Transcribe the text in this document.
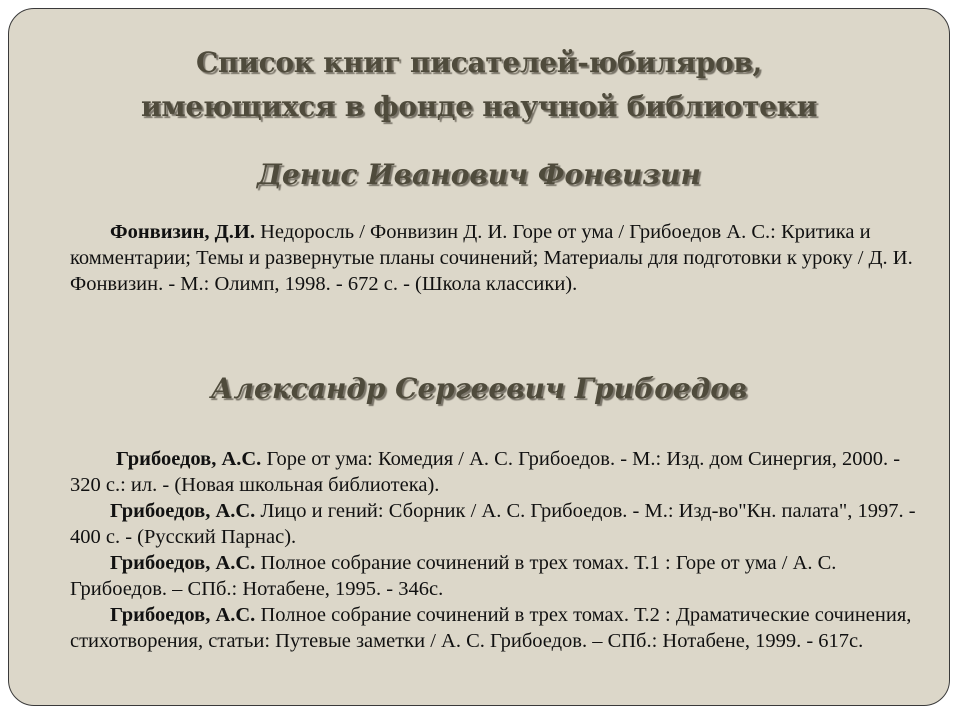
Список книг писателей-юбиляров,
имеющихся в фонде научной библиотеки
Денис Иванович Фонвизин

Фонвизин, Д.И. Недоросль / Фонвизин Д. И. Горе от ума / Грибоедов А. С.: Критика и комментарии; Темы и развернутые планы сочинений; Материалы для подготовки к уроку / Д. И. Фонвизин. - М.: Олимп, 1998. - 672 с. - (Школа классики).

Александр Сергеевич Грибоедов

Грибоедов, А.С. Горе от ума: Комедия / А. С. Грибоедов. - М.: Изд. дом Синергия, 2000. - 320 с.: ил. - (Новая школьная библиотека).

Грибоедов, А.С. Лицо и гений: Сборник / А. С. Грибоедов. - М.: Изд-во"Кн. палата", 1997. - 400 с. - (Русский Парнас).

Грибоедов, А.С. Полное собрание сочинений в трех томах. Т.1 : Горе от ума / А. С. Грибоедов. – СПб.: Нотабене, 1995. - 346с.

Грибоедов, А.С. Полное собрание сочинений в трех томах. Т.2 : Драматические сочинения, стихотворения, статьи: Путевые заметки / А. С. Грибоедов. – СПб.: Нотабене, 1999. - 617с.
